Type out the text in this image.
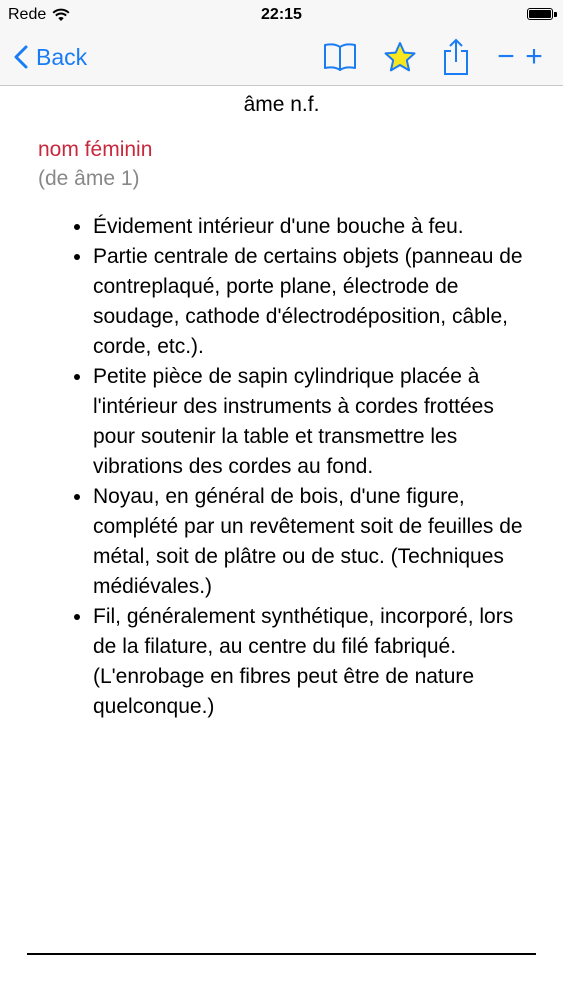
Rede	22:15
Back	− +
âme n.f.
nom féminin
(de âme 1)
• Évidement intérieur d'une bouche à feu.
• Partie centrale de certains objets (panneau de contreplaqué, porte plane, électrode de soudage, cathode d'électrodéposition, câble, corde, etc.).
• Petite pièce de sapin cylindrique placée à l'intérieur des instruments à cordes frottées pour soutenir la table et transmettre les vibrations des cordes au fond.
• Noyau, en général de bois, d'une figure, complété par un revêtement soit de feuilles de métal, soit de plâtre ou de stuc. (Techniques médiévales.)
• Fil, généralement synthétique, incorporé, lors de la filature, au centre du filé fabriqué. (L'enrobage en fibres peut être de nature quelconque.)
